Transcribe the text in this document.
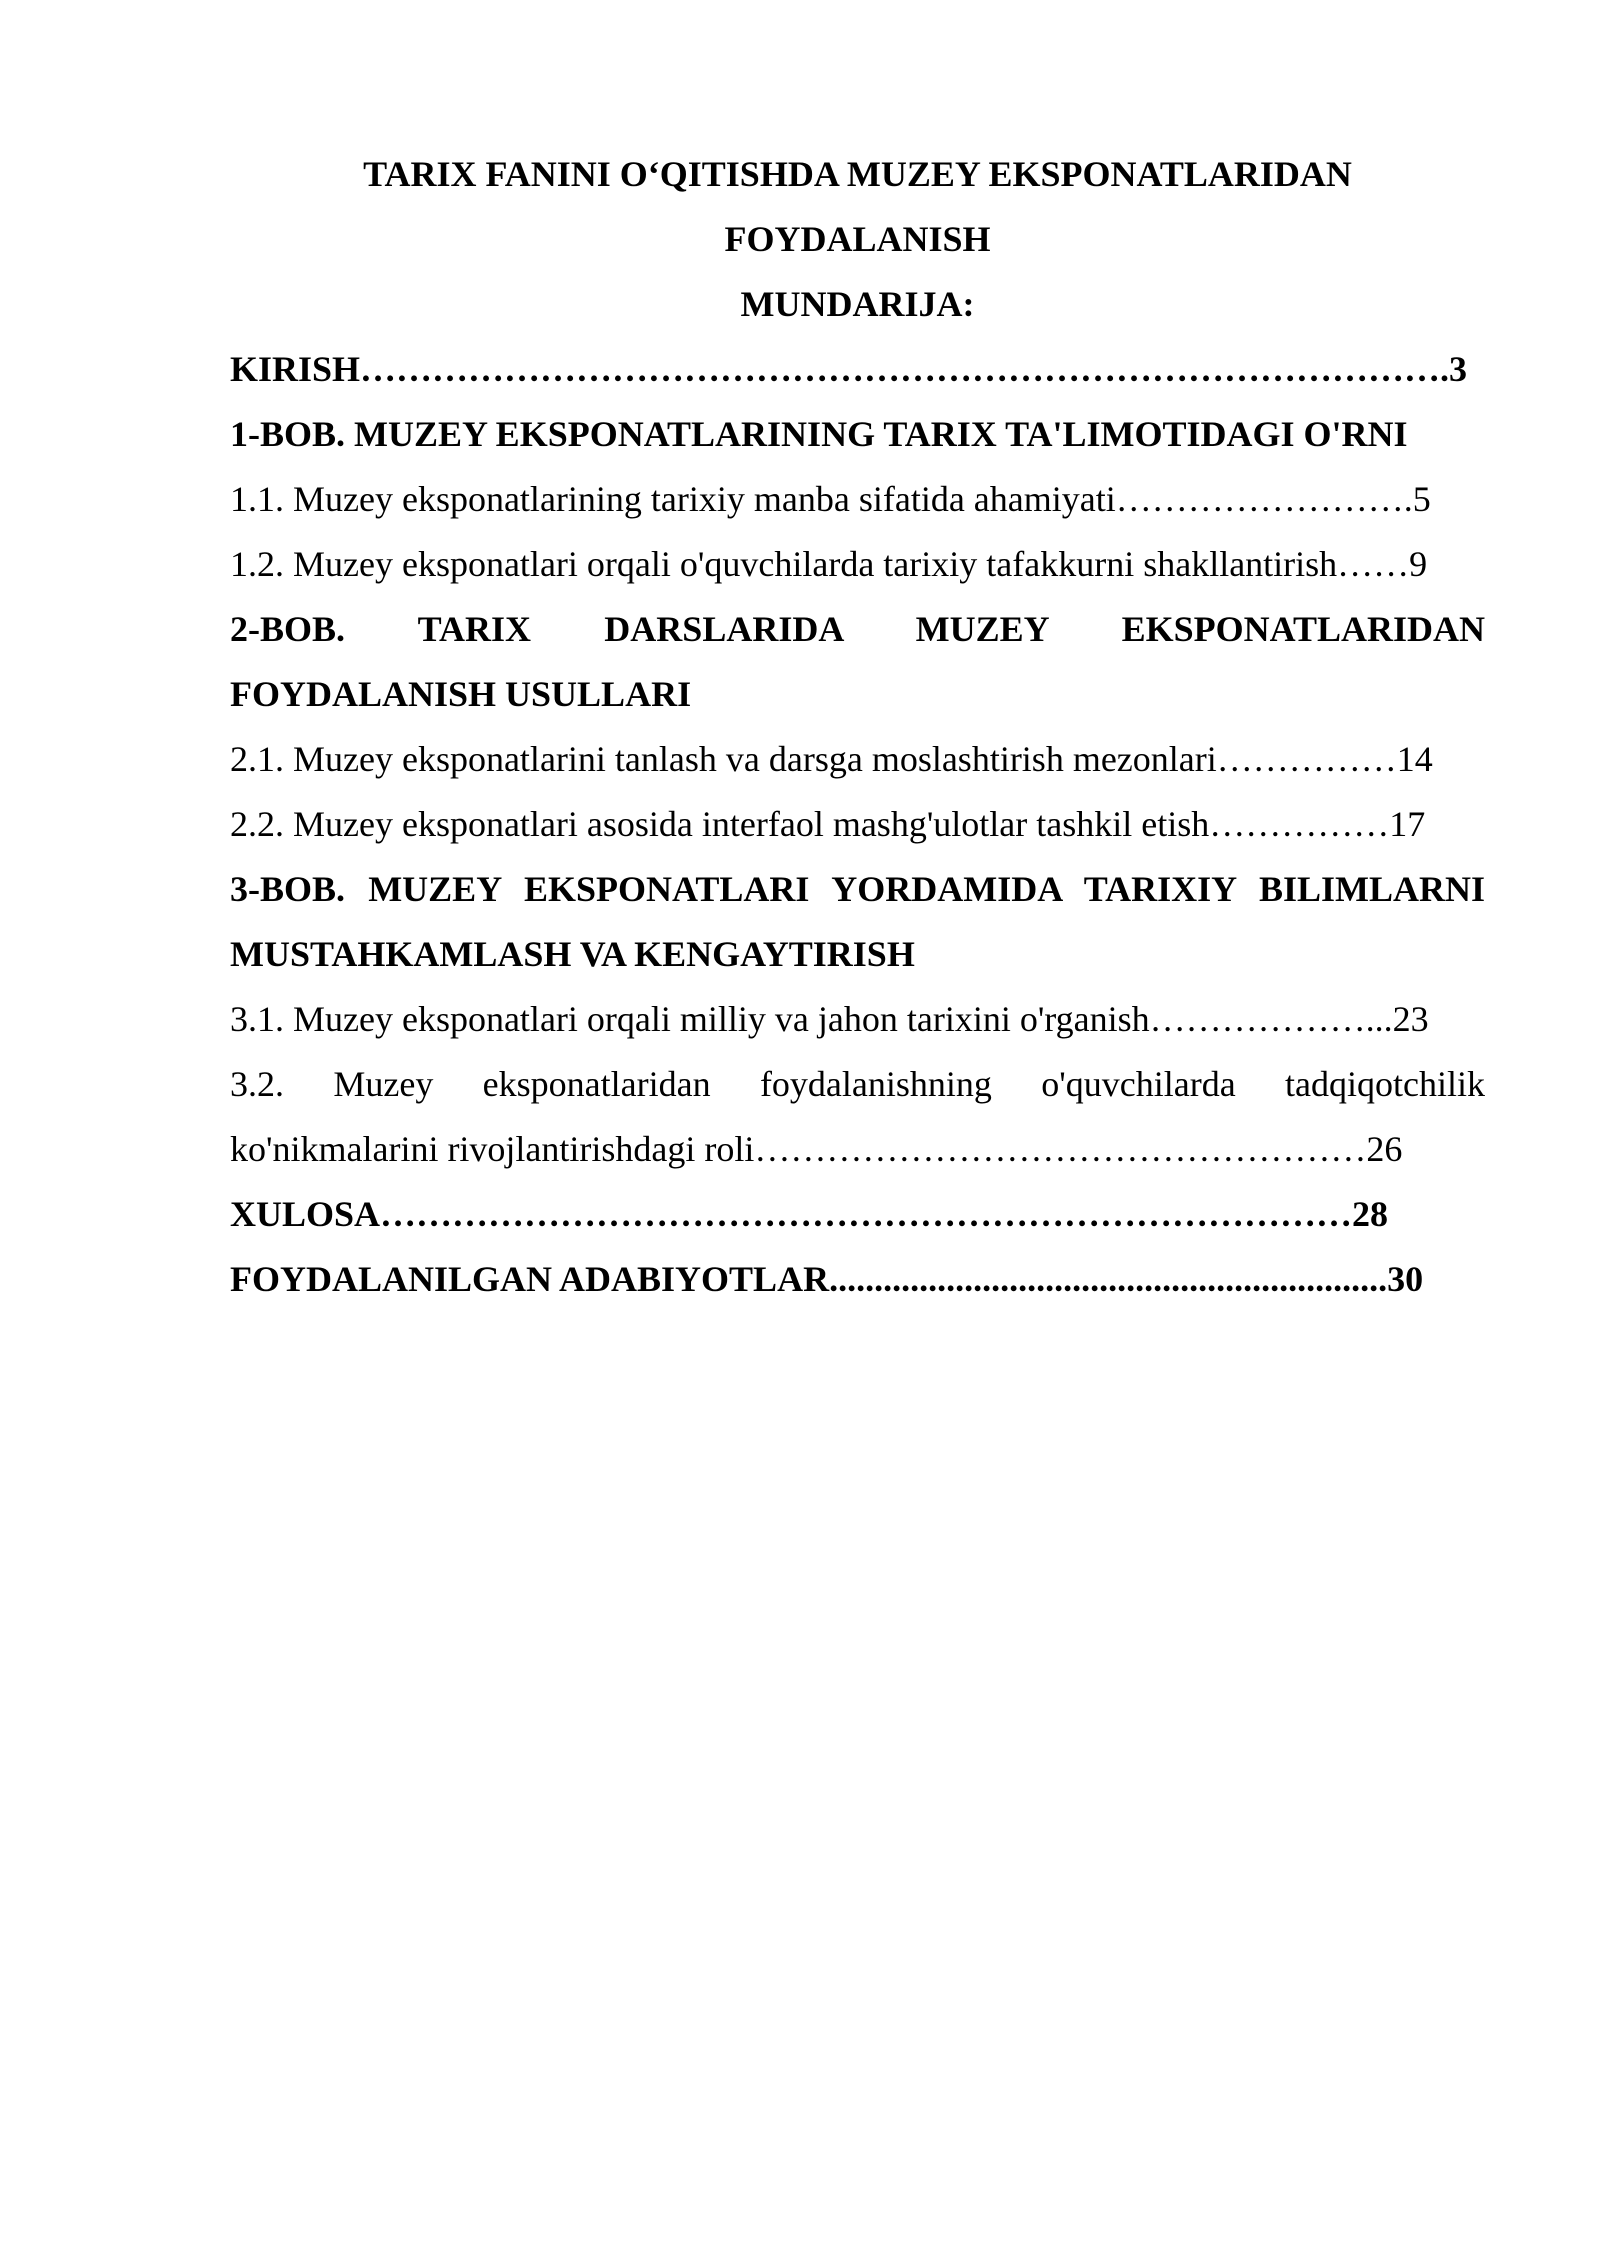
TARIX FANINI O‘QITISHDA MUZEY EKSPONATLARIDAN
FOYDALANISH
MUNDARIJA:
KIRISH……………………………………………………………………………….3
1-BOB. MUZEY EKSPONATLARINING TARIX TA'LIMOTIDAGI O'RNI
1.1. Muzey eksponatlarining tarixiy manba sifatida ahamiyati…………………….5
1.2. Muzey eksponatlari orqali o'quvchilarda tarixiy tafakkurni shakllantirish……9
2-BOB. TARIX DARSLARIDA MUZEY EKSPONATLARIDAN
FOYDALANISH USULLARI
2.1. Muzey eksponatlarini tanlash va darsga moslashtirish mezonlari……………14
2.2. Muzey eksponatlari asosida interfaol mashg'ulotlar tashkil etish……………17
3-BOB. MUZEY EKSPONATLARI YORDAMIDA TARIXIY BILIMLARNI
MUSTAHKAMLASH VA KENGAYTIRISH
3.1. Muzey eksponatlari orqali milliy va jahon tarixini o'rganish………………...23
3.2. Muzey eksponatlaridan foydalanishning o'quvchilarda tadqiqotchilik
ko'nikmalarini rivojlantirishdagi roli……………………………………………26
XULOSA………………………………………………………………………28
FOYDALANILGAN ADABIYOTLAR..............................................................30
